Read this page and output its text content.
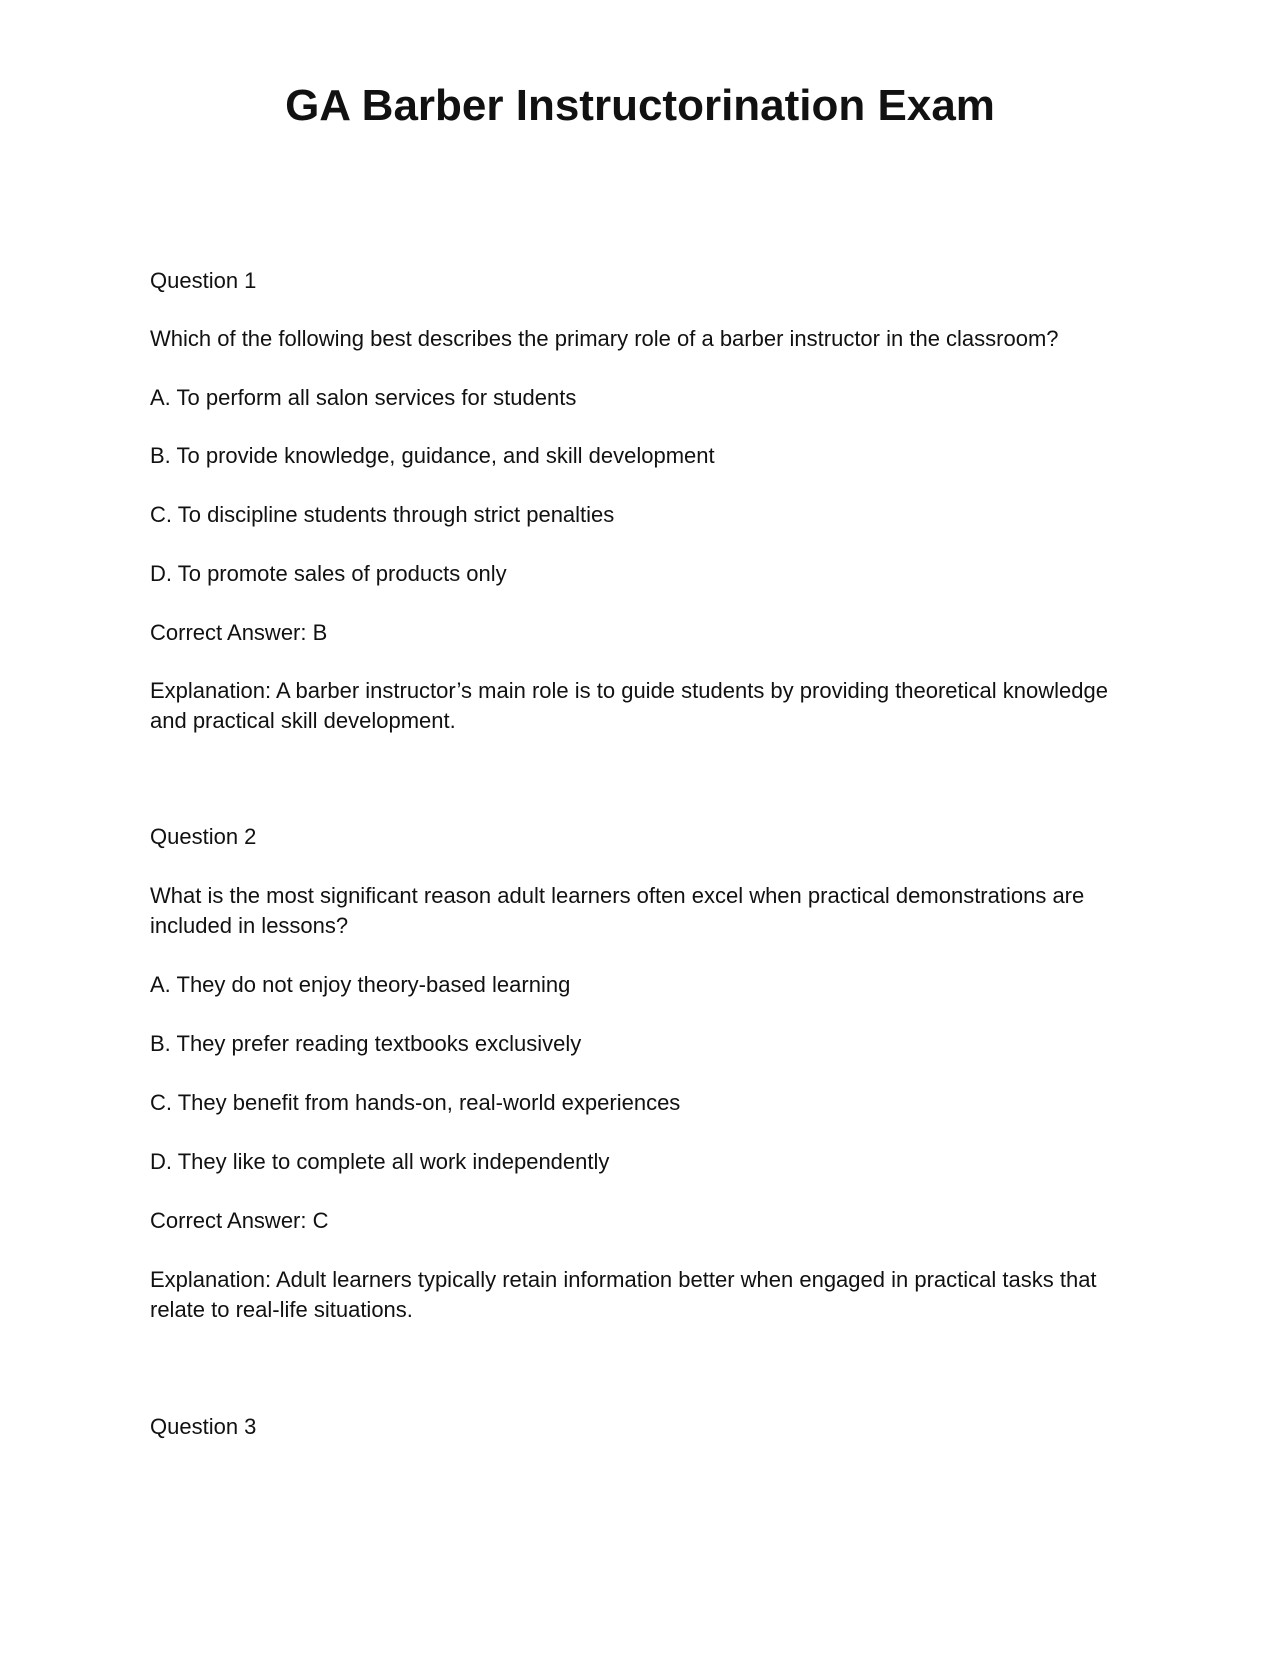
GA Barber Instructorination Exam

Question 1

Which of the following best describes the primary role of a barber instructor in the classroom?

A. To perform all salon services for students

B. To provide knowledge, guidance, and skill development

C. To discipline students through strict penalties

D. To promote sales of products only

Correct Answer: B

Explanation: A barber instructor’s main role is to guide students by providing theoretical knowledge and practical skill development.

Question 2

What is the most significant reason adult learners often excel when practical demonstrations are included in lessons?

A. They do not enjoy theory-based learning

B. They prefer reading textbooks exclusively

C. They benefit from hands-on, real-world experiences

D. They like to complete all work independently

Correct Answer: C

Explanation: Adult learners typically retain information better when engaged in practical tasks that relate to real-life situations.

Question 3
